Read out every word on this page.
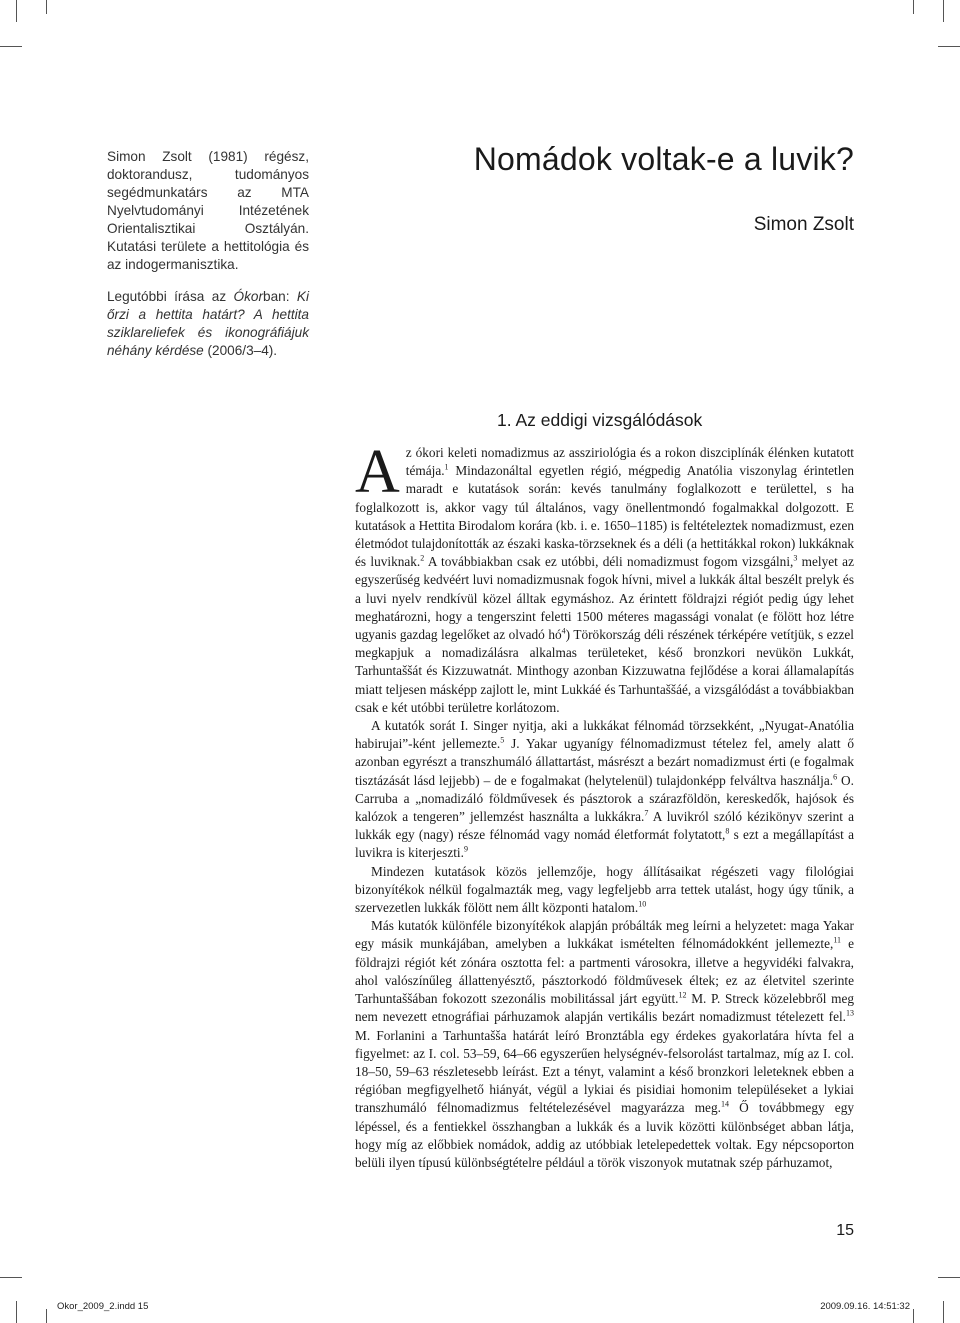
Simon Zsolt (1981) régész, doktorandusz, tudományos segédmunkatárs az MTA Nyelvtudományi Intézetének Orientalisztikai Osztályán. Kutatási területe a hettitológia és az indogermanisztika.

Legutóbbi írása az Ókorban: Ki őrzi a hettita határt? A hettita sziklareliefek és ikonográfiájuk néhány kérdése (2006/3–4).

Nomádok voltak-e a luvik?
Simon Zsolt
1. Az eddigi vizsgálódások

Az ókori keleti nomadizmus az assziriológia és a rokon diszciplínák élénken kutatott témája.$^1$ Mindazonáltal egyetlen régió, mégpedig Anatólia viszonylag érintetlen maradt e kutatások során: kevés tanulmány foglalkozott e területtel, s ha foglalkozott is, akkor vagy túl általános, vagy önellentmondó fogalmakkal dolgozott. E kutatások a Hettita Birodalom korára (kb. i. e. 1650–1185) is feltételeztek nomadizmust, ezen életmódot tulajdonították az északi kaska-törzseknek és a déli (a hettitákkal rokon) lukkáknak és luviknak.$^2$ A továbbiakban csak ez utóbbi, déli nomadizmust fogom vizsgálni,$^3$ melyet az egyszerűség kedvéért luvi nomadizmusnak fogok hívni, mivel a lukkák által beszélt prelyk és a luvi nyelv rendkívül közel álltak egymáshoz. Az érintett földrajzi régiót pedig úgy lehet meghatározni, hogy a tengerszint feletti 1500 méteres magassági vonalat (e fölött hoz létre ugyanis gazdag legelőket az olvadó $hó^4$) Törökország déli részének térképére vetítjük, s ezzel megkapjuk a nomadizálásra alkalmas területeket, késő bronzkori nevükön Lukkát, Tarhuntaššát és Kizzuwatnát. Minthogy azonban Kizzuwatna fejlődése a korai államalapítás miatt teljesen másképp zajlott le, mint Lukkáé és Tarhuntaššáé, a vizsgálódást a továbbiakban csak e két utóbbi területre korlátozom.

A kutatók sorát I. Singer nyitja, aki a lukkákat félnomád törzsekként, „Nyugat-Anatólia habirujai”-ként jellemezte.$^5$ J. Yakar ugyanígy félnomadizmust tételez fel, amely alatt ő azonban egyrészt a transzhumáló állattartást, másrészt a bezárt nomadizmust érti (e fogalmak tisztázását lásd lejjebb) – de e fogalmakat (helytelenül) tulajdonképp felváltva használja.$^6$ O. Carruba a „nomadizáló földművesek és pásztorok a szárazföldön, kereskedők, hajósok és kalózok a tengeren” jellemzést használta a lukkákra.$^7$ A luvikról szóló kézikönyv szerint a lukkák egy (nagy) része félnomád vagy nomád életformát folytatott,$^8$ s ezt a megállapítást a luvikra is kiterjeszti.$^9$

Mindezen kutatások közös jellemzője, hogy állításaikat régészeti vagy filológiai bizonyítékok nélkül fogalmazták meg, vagy legfeljebb arra tettek utalást, hogy úgy tűnik, a szervezetlen lukkák fölött nem állt központi hatalom.$^{10}$

Más kutatók különféle bizonyítékok alapján próbálták meg leírni a helyzetet: maga Yakar egy másik munkájában, amelyben a lukkákat ismételten félnomádokként jellemezte,$^{11}$ e földrajzi régiót két zónára osztotta fel: a partmenti városokra, illetve a hegyvidéki falvakra, ahol valószínűleg állattenyésztő, pásztorkodó földművesek éltek; ez az életvitel szerinte Tarhuntaššában fokozott szezonális mobilitással járt együtt.$^{12}$ M. P. Streck közelebbről meg nem nevezett etnográfiai párhuzamok alapján vertikális bezárt nomadizmust tételezett fel.$^{13}$ M. Forlanini a Tarhuntašša határát leíró Bronztábla egy érdekes gyakorlatára hívta fel a figyelmet: az I. col. 53–59, 64–66 egyszerűen helységnév-felsorolást tartalmaz, míg az I. col. 18–50, 59–63 részletesebb leírást. Ezt a tényt, valamint a késő bronzkori leleteknek ebben a régióban megfigyelhető hiányát, végül a lykiai és pisidiai homonim településeket a lykiai transzhumáló félnomadizmus feltételezésével magyarázza meg.$^{14}$ Ő továbbmegy egy lépéssel, és a fentiekkel összhangban a lukkák és a luvik közötti különbséget abban látja, hogy míg az előbbiek nomádok, addig az utóbbiak letelepedettek voltak. Egy népcsoporton belüli ilyen típusú különbségtételre például a török viszonyok mutatnak szép párhuzamot,

15
Okor_2009_2.indd 15	2009.09.16. 14:51:32
